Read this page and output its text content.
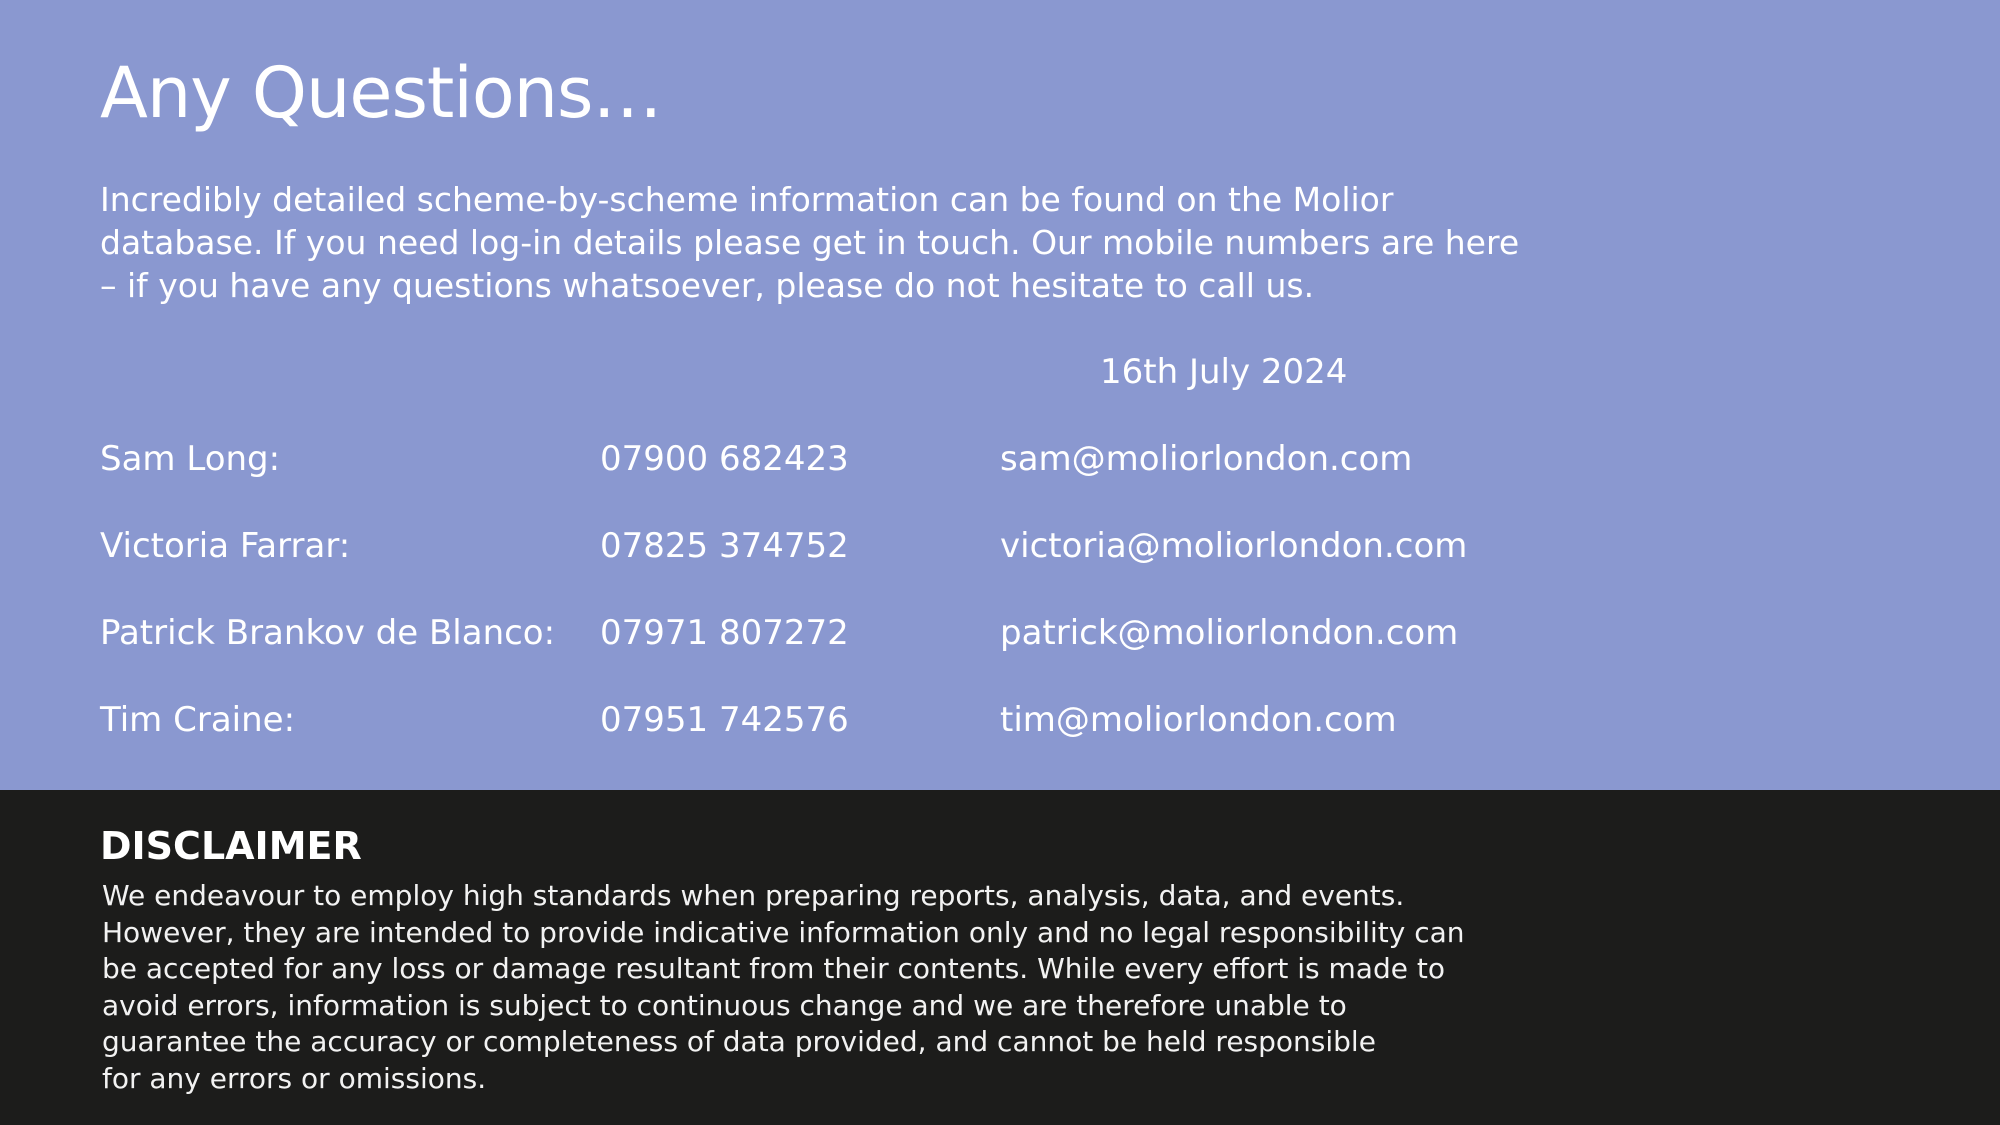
Any Questions…

Incredibly detailed scheme-by-scheme information can be found on the Molior database. If you need log-in details please get in touch. Our mobile numbers are here – if you have any questions whatsoever, please do not hesitate to call us.

16th July 2024
Sam Long:	07900 682423	sam@moliorlondon.com
Victoria Farrar:	07825 374752	victoria@moliorlondon.com
Patrick Brankov de Blanco: 07971 807272	patrick@moliorlondon.com
Tim Craine:	07951 742576	tim@moliorlondon.com
DISCLAIMER
We endeavour to employ high standards when preparing reports, analysis, data, and events.
However, they are intended to provide indicative information only and no legal responsibility can
be accepted for any loss or damage resultant from their contents. While every effort is made to
avoid errors, information is subject to continuous change and we are therefore unable to
guarantee the accuracy or completeness of data provided, and cannot be held responsible
for any errors or omissions.
